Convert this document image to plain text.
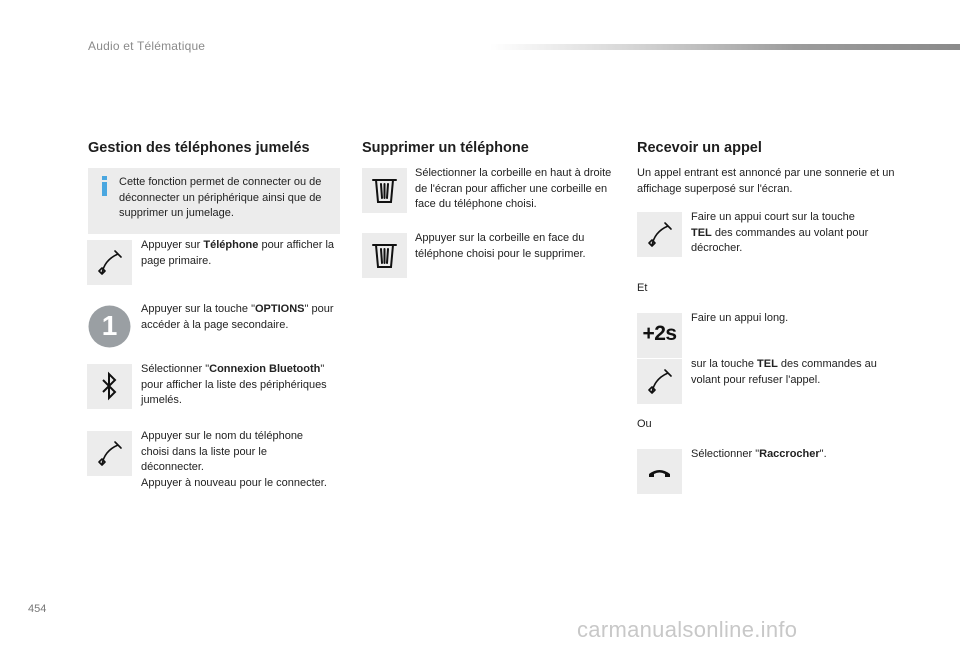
Audio et Télématique
Gestion des téléphones jumelés
Cette fonction permet de connecter ou de déconnecter un périphérique ainsi que de supprimer un jumelage.
Appuyer sur Téléphone pour afficher la page primaire.
1
Appuyer sur la touche "OPTIONS" pour accéder à la page secondaire.
Sélectionner "Connexion Bluetooth" pour afficher la liste des périphériques jumelés.
Appuyer sur le nom du téléphone choisi dans la liste pour le déconnecter.
Appuyer à nouveau pour le connecter.
Supprimer un téléphone
Sélectionner la corbeille en haut à droite de l'écran pour afficher une corbeille en face du téléphone choisi.
Appuyer sur la corbeille en face du téléphone choisi pour le supprimer.
Recevoir un appel
Un appel entrant est annoncé par une sonnerie et un affichage superposé sur l'écran.
Faire un appui court sur la touche TEL des commandes au volant pour décrocher.
Et
+2s
Faire un appui long.
sur la touche TEL des commandes au volant pour refuser l'appel.
Ou
Sélectionner "Raccrocher".
454
carmanualsonline.info
